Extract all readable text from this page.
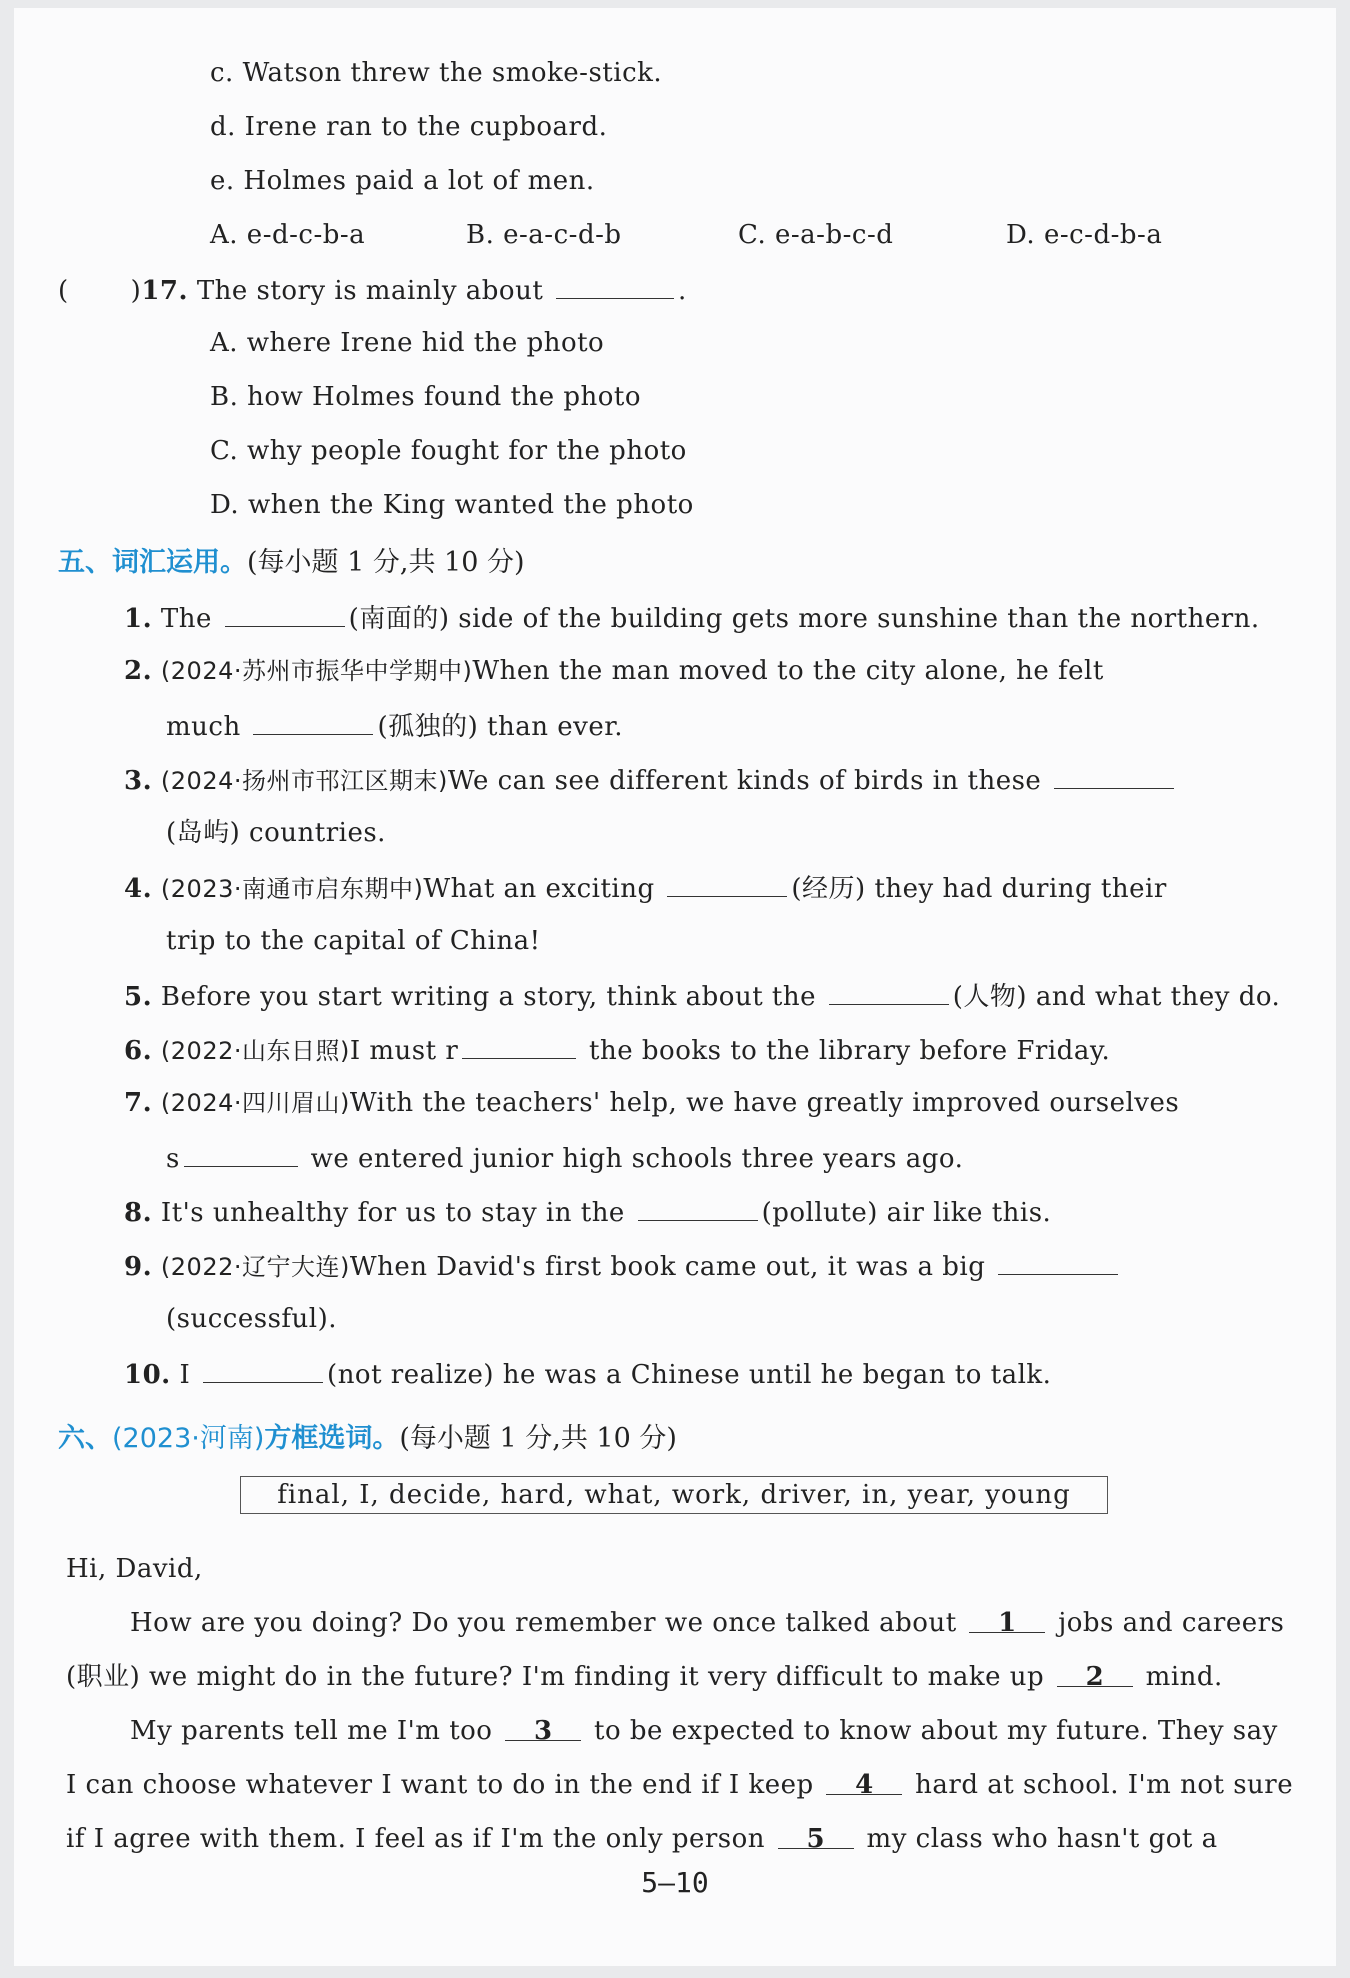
c. Watson threw the smoke-stick.
d. Irene ran to the cupboard.
e. Holmes paid a lot of men.
A. e-d-c-b-a	B. e-a-c-d-b	C. e-a-b-c-d	D. e-c-d-b-a
( )17. The story is mainly about	.
A. where Irene hid the photo
B. how Holmes found the photo
C. why people fought for the photo
D. when the King wanted the photo
五、词汇运用。(每小题 1 分,共 10 分)
1. The	(南面的) side of the building gets more sunshine than the northern.
2. (2024·苏州市振华中学期中)When the man moved to the city alone, he felt
much	(孤独的) than ever.
3. (2024·扬州市邗江区期末)We can see different kinds of birds in these
(岛屿) countries.
4. (2023·南通市启东期中)What an exciting	(经历) they had during their
trip to the capital of China!
5. Before you start writing a story, think about the	(人物) and what they do.
6. (2022·山东日照)I must r	the books to the library before Friday.
7. (2024·四川眉山)With the teachers' help, we have greatly improved ourselves
s	we entered junior high schools three years ago.
8. It's unhealthy for us to stay in the	(pollute) air like this.
9. (2022·辽宁大连)When David's first book came out, it was a big
(successful).
10. I	(not realize) he was a Chinese until he began to talk.
六、(2023·河南)方框选词。(每小题 1 分,共 10 分)
final, I, decide, hard, what, work, driver, in, year, young
Hi, David,
How are you doing? Do you remember we once talked about 1 jobs and careers
(职业) we might do in the future? I'm finding it very difficult to make up 2 mind.
My parents tell me I'm too 3 to be expected to know about my future. They say
I can choose whatever I want to do in the end if I keep 4 hard at school. I'm not sure
if I agree with them. I feel as if I'm the only person 5 my class who hasn't got a
5—10
